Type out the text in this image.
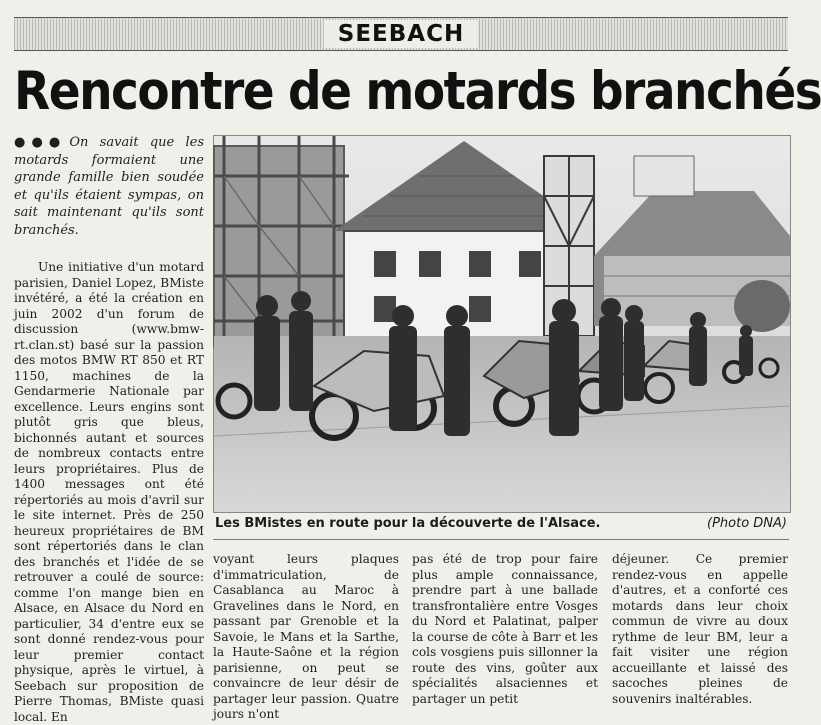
SEEBACH
Rencontre de motards branchés
●●● On savait que les motards formaient une grande famille bien soudée et qu'ils étaient sympas, on sait maintenant qu'ils sont branchés.

Une initiative d'un motard parisien, Daniel Lopez, BMiste invétéré, a été la création en juin 2002 d'un forum de discussion (www.bmw-rt.clan.st) basé sur la passion des motos BMW RT 850 et RT 1150, machines de la Gendarmerie Nationale par excellence. Leurs engins sont plutôt gris que bleus, bichonnés autant et sources de nombreux contacts entre leurs propriétaires. Plus de 1400 messages ont été répertoriés au mois d'avril sur le site internet. Près de 250 heureux propriétaires de BM sont répertoriés dans le clan des branchés et l'idée de se retrouver a coulé de source: comme l'on mange bien en Alsace, en Alsace du Nord en particulier, 34 d'entre eux se sont donné rendez-vous pour leur premier contact physique, après le virtuel, à Seebach sur proposition de Pierre Thomas, BMiste quasi local. En

Les BMistes en route pour la découverte de l'Alsace.	(Photo DNA)

voyant leurs plaques d'immatriculation, de Casablanca au Maroc à Gravelines dans le Nord, en passant par Grenoble et la Savoie, le Mans et la Sarthe, la Haute-Saône et la région parisienne, on peut se convaincre de leur désir de partager leur passion. Quatre jours n'ont

pas été de trop pour faire plus ample connaissance, prendre part à une ballade transfrontalière entre Vosges du Nord et Palatinat, palper la course de côte à Barr et les cols vosgiens puis sillonner la route des vins, goûter aux spécialités alsaciennes et partager un petit

déjeuner. Ce premier rendez-vous en appelle d'autres, et a conforté ces motards dans leur choix commun de vivre au doux rythme de leur BM, leur a fait visiter une région accueillante et laissé des sacoches pleines de souvenirs inaltérables.
